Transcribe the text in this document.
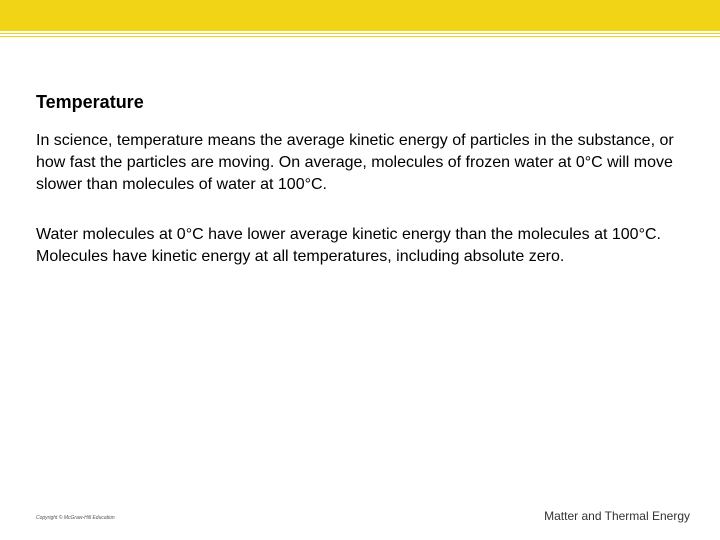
Temperature

In science, temperature means the average kinetic energy of particles in the substance, or how fast the particles are moving. On average, molecules of frozen water at 0°C will move slower than molecules of water at 100°C.

Water molecules at 0°C have lower average kinetic energy than the molecules at 100°C. Molecules have kinetic energy at all temperatures, including absolute zero.

Copyright © McGraw-Hill Education	Matter and Thermal Energy
